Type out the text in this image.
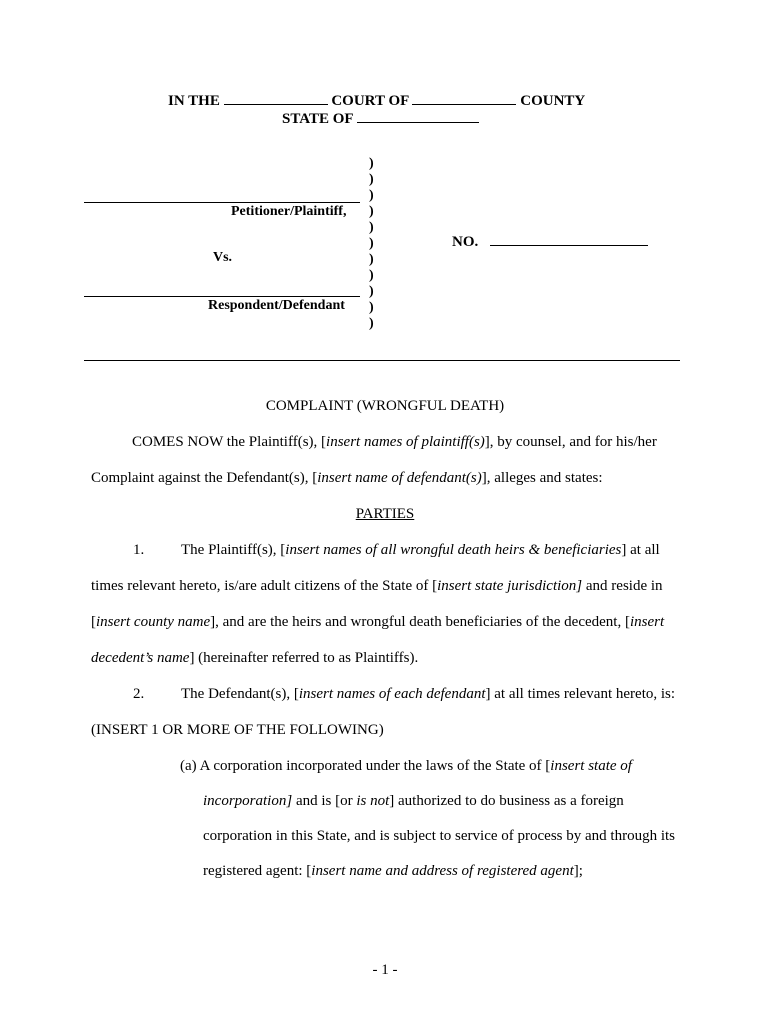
IN THE	COURT OF	COUNTY
STATE OF
)
)
)
)
)
)
)
)
)
)
)
Petitioner/Plaintiff,
Vs.
Respondent/Defendant
NO.
COMPLAINT (WRONGFUL DEATH)
COMES NOW the Plaintiff(s), [insert names of plaintiff(s)], by counsel, and for his/her
Complaint against the Defendant(s), [insert name of defendant(s)], alleges and states:
PARTIES
1. The Plaintiff(s), [insert names of all wrongful death heirs & beneficiaries] at all
times relevant hereto, is/are adult citizens of the State of [insert state jurisdiction] and reside in
[insert county name], and are the heirs and wrongful death beneficiaries of the decedent, [insert
decedent’s name] (hereinafter referred to as Plaintiffs).
2. The Defendant(s), [insert names of each defendant] at all times relevant hereto, is:
(INSERT 1 OR MORE OF THE FOLLOWING)
(a) A corporation incorporated under the laws of the State of [insert state of
incorporation] and is [or is not] authorized to do business as a foreign
corporation in this State, and is subject to service of process by and through its
registered agent: [insert name and address of registered agent];
- 1 -
